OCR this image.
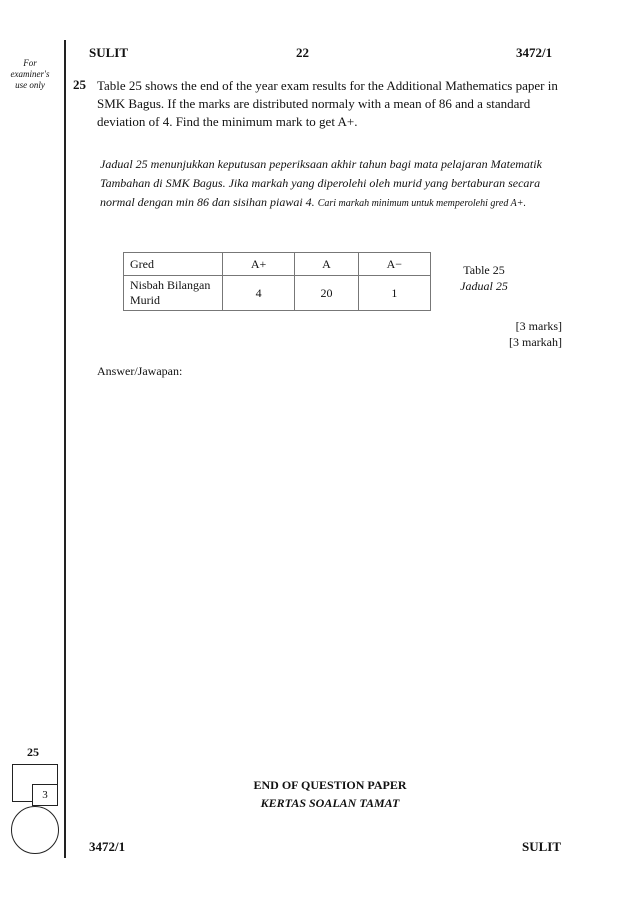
For examiner's use only
SULIT	22	3472/1
25 Table 25 shows the end of the year exam results for the Additional Mathematics paper in SMK Bagus. If the marks are distributed normaly with a mean of 86 and a standard deviation of 4. Find the minimum mark to get A+.
Jadual 25 menunjukkan keputusan peperiksaan akhir tahun bagi mata pelajaran Matematik Tambahan di SMK Bagus. Jika markah yang diperolehi oleh murid yang bertaburan secara normal dengan min 86 dan sisihan piawai 4. Cari markah minimum untuk memperolehi gred A+.
Gred	A+	A	A−
Nisbah Bilangan Murid	4	20	1
Table 25
Jadual 25
[3 marks]
[3 markah]
Answer/Jawapan:
25
3
END OF QUESTION PAPER
KERTAS SOALAN TAMAT
3472/1	SULIT
